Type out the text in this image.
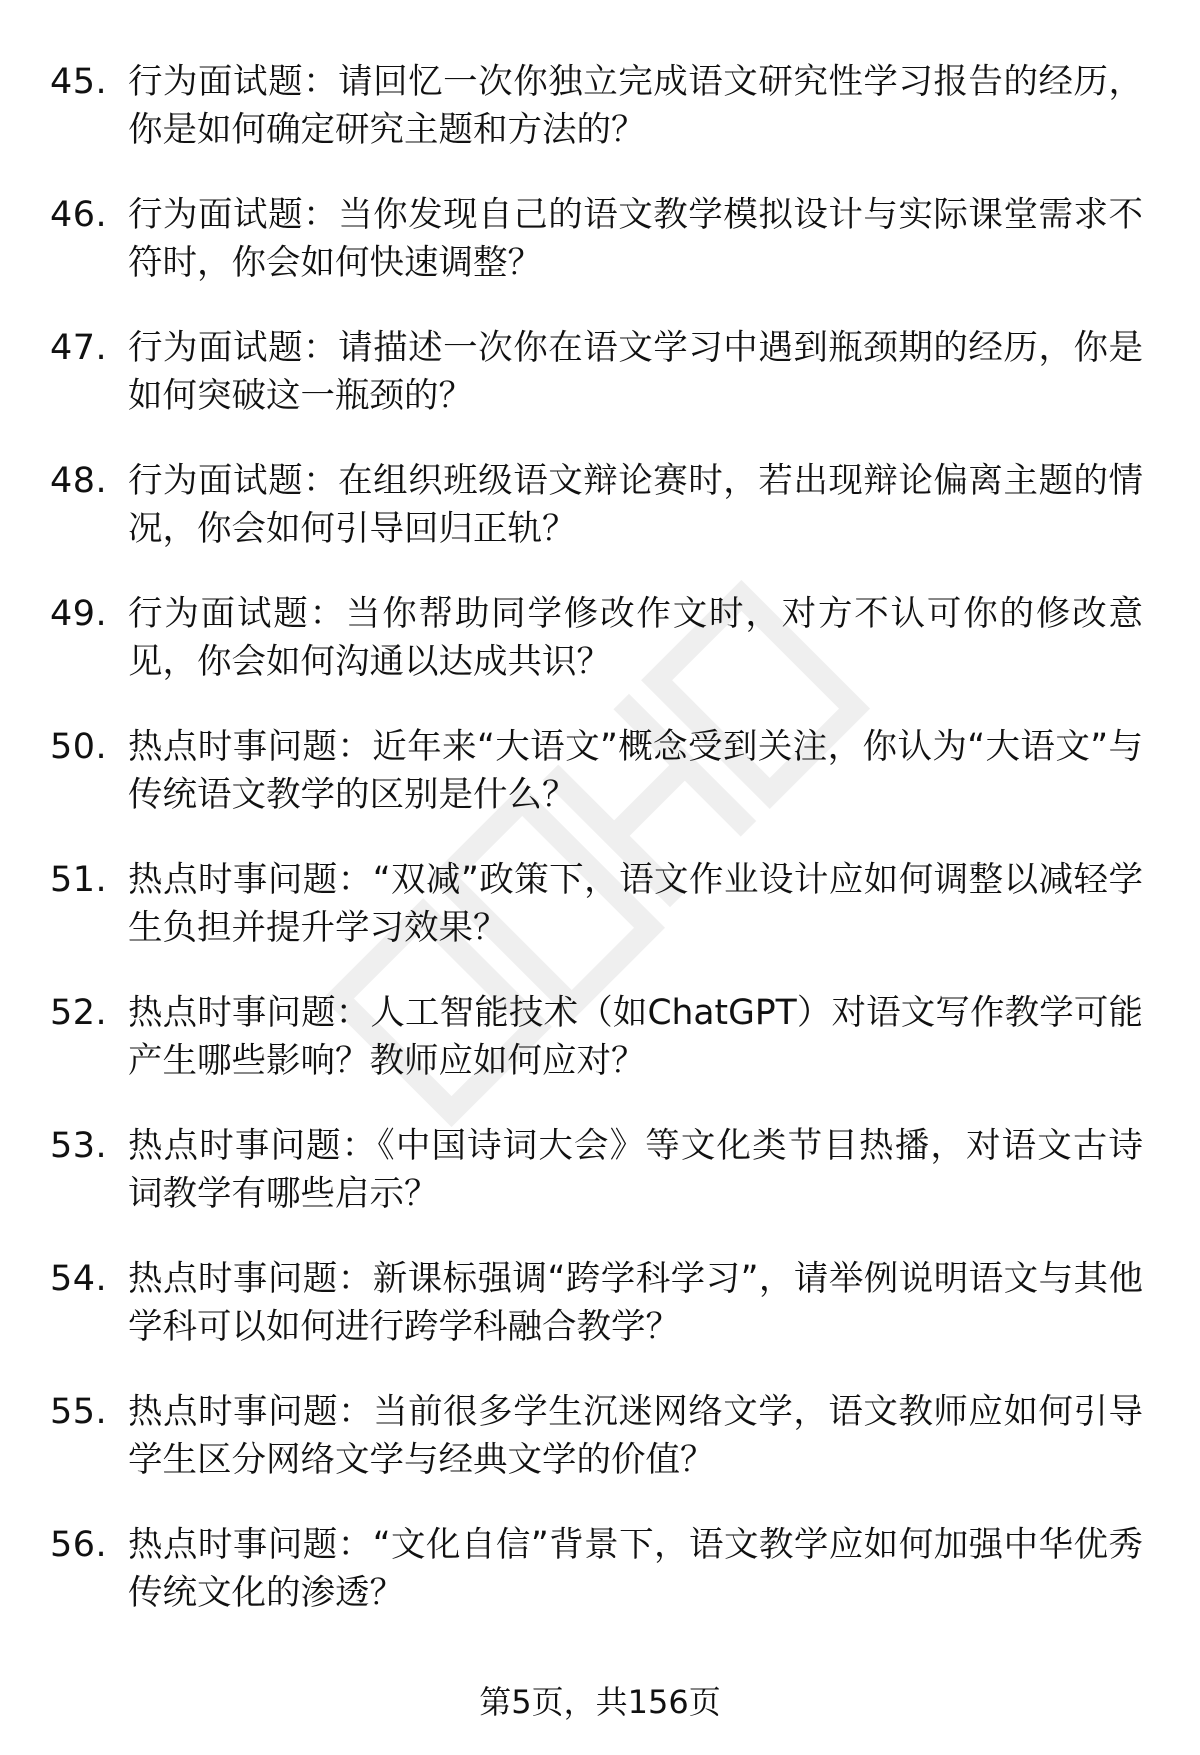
45. 行为面试题：请回忆一次你独立完成语文研究性学习报告的经历，你是如何确定研究主题和方法的？
46. 行为面试题：当你发现自己的语文教学模拟设计与实际课堂需求不符时，你会如何快速调整？
47. 行为面试题：请描述一次你在语文学习中遇到瓶颈期的经历，你是如何突破这一瓶颈的？
48. 行为面试题：在组织班级语文辩论赛时，若出现辩论偏离主题的情况，你会如何引导回归正轨？
49. 行为面试题：当你帮助同学修改作文时，对方不认可你的修改意见，你会如何沟通以达成共识？
50. 热点时事问题：近年来“大语文”概念受到关注，你认为“大语文”与传统语文教学的区别是什么？
51. 热点时事问题：“双减”政策下，语文作业设计应如何调整以减轻学生负担并提升学习效果？
52. 热点时事问题：人工智能技术（如ChatGPT）对语文写作教学可能产生哪些影响？教师应如何应对？
53. 热点时事问题：《中国诗词大会》等文化类节目热播，对语文古诗词教学有哪些启示？
54. 热点时事问题：新课标强调“跨学科学习”，请举例说明语文与其他学科可以如何进行跨学科融合教学？
55. 热点时事问题：当前很多学生沉迷网络文学，语文教师应如何引导学生区分网络文学与经典文学的价值？
56. 热点时事问题：“文化自信”背景下，语文教学应如何加强中华优秀传统文化的渗透？
第5页，共156页
